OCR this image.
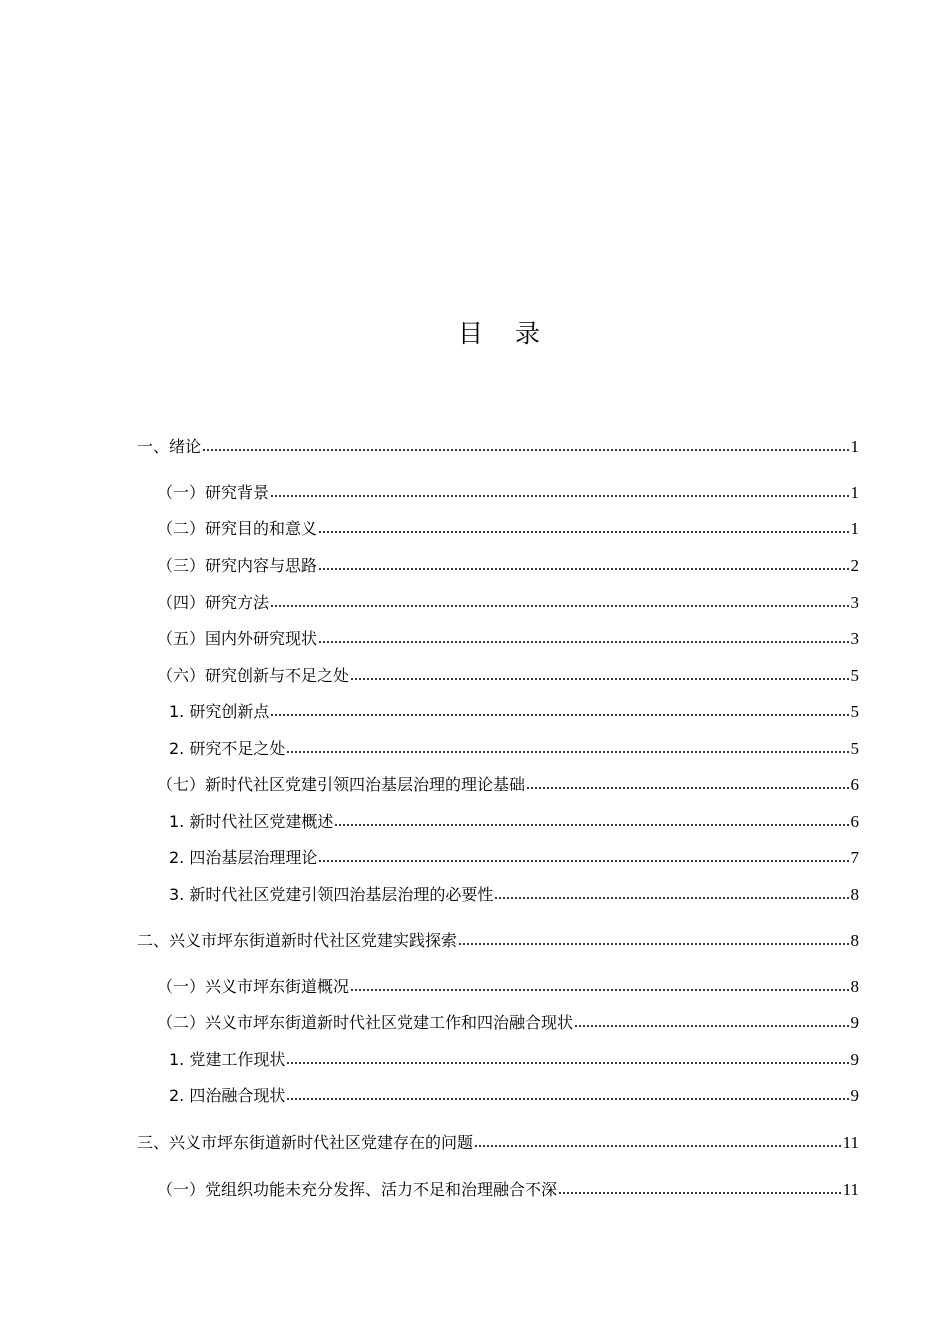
目 录
一、绪论	1
（一）研究背景	1
（二）研究目的和意义	1
（三）研究内容与思路	2
（四）研究方法	3
（五）国内外研究现状	3
（六）研究创新与不足之处	5
1. 研究创新点	5
2. 研究不足之处	5
（七）新时代社区党建引领四治基层治理的理论基础	6
1. 新时代社区党建概述	6
2. 四治基层治理理论	7
3. 新时代社区党建引领四治基层治理的必要性	8
二、兴义市坪东街道新时代社区党建实践探索	8
（一）兴义市坪东街道概况	8
（二）兴义市坪东街道新时代社区党建工作和四治融合现状	9
1. 党建工作现状	9
2. 四治融合现状	9
三、兴义市坪东街道新时代社区党建存在的问题	11
（一）党组织功能未充分发挥、活力不足和治理融合不深	11
